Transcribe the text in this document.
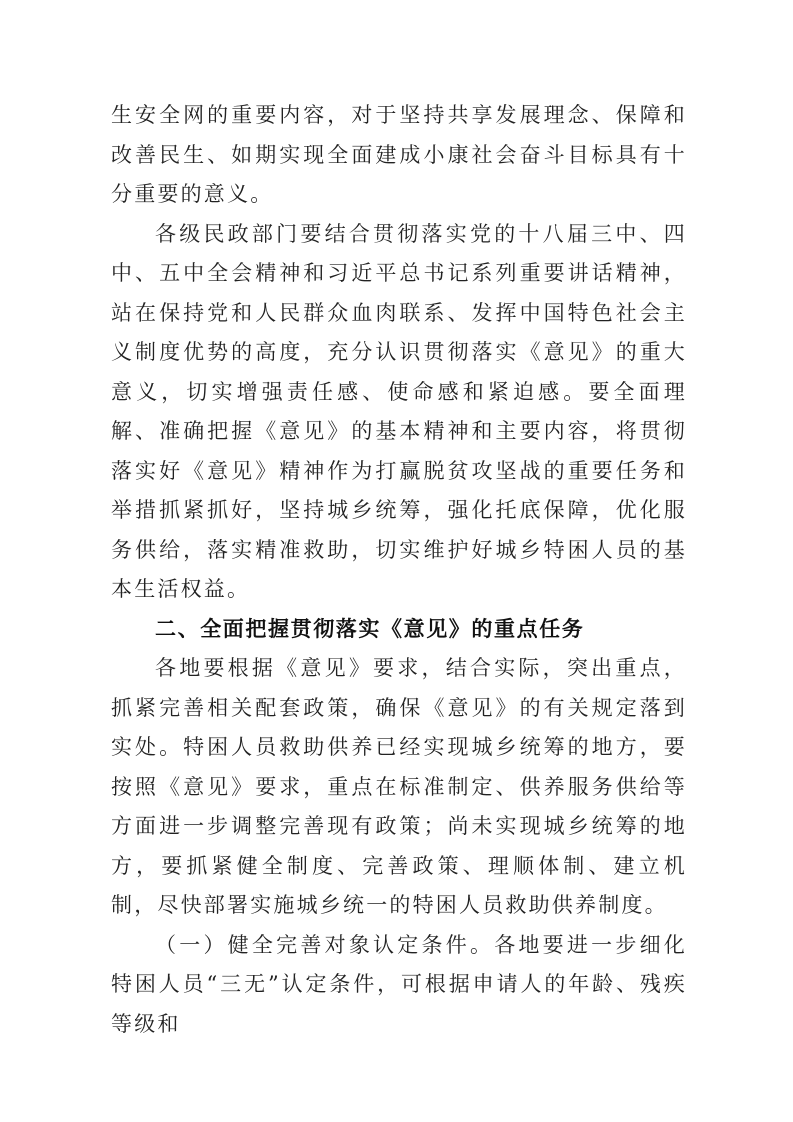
生安全网的重要内容，对于坚持共享发展理念、保障和改善民生、如期实现全面建成小康社会奋斗目标具有十分重要的意义。

各级民政部门要结合贯彻落实党的十八届三中、四中、五中全会精神和习近平总书记系列重要讲话精神，站在保持党和人民群众血肉联系、发挥中国特色社会主义制度优势的高度，充分认识贯彻落实《意见》的重大意义，切实增强责任感、使命感和紧迫感。要全面理解、准确把握《意见》的基本精神和主要内容，将贯彻落实好《意见》精神作为打赢脱贫攻坚战的重要任务和举措抓紧抓好，坚持城乡统筹，强化托底保障，优化服务供给，落实精准救助，切实维护好城乡特困人员的基本生活权益。

二、全面把握贯彻落实《意见》的重点任务

各地要根据《意见》要求，结合实际，突出重点，抓紧完善相关配套政策，确保《意见》的有关规定落到实处。特困人员救助供养已经实现城乡统筹的地方，要按照《意见》要求，重点在标准制定、供养服务供给等方面进一步调整完善现有政策；尚未实现城乡统筹的地方，要抓紧健全制度、完善政策、理顺体制、建立机制，尽快部署实施城乡统一的特困人员救助供养制度。

（一）健全完善对象认定条件。各地要进一步细化特困人员“三无”认定条件，可根据申请人的年龄、残疾等级和
